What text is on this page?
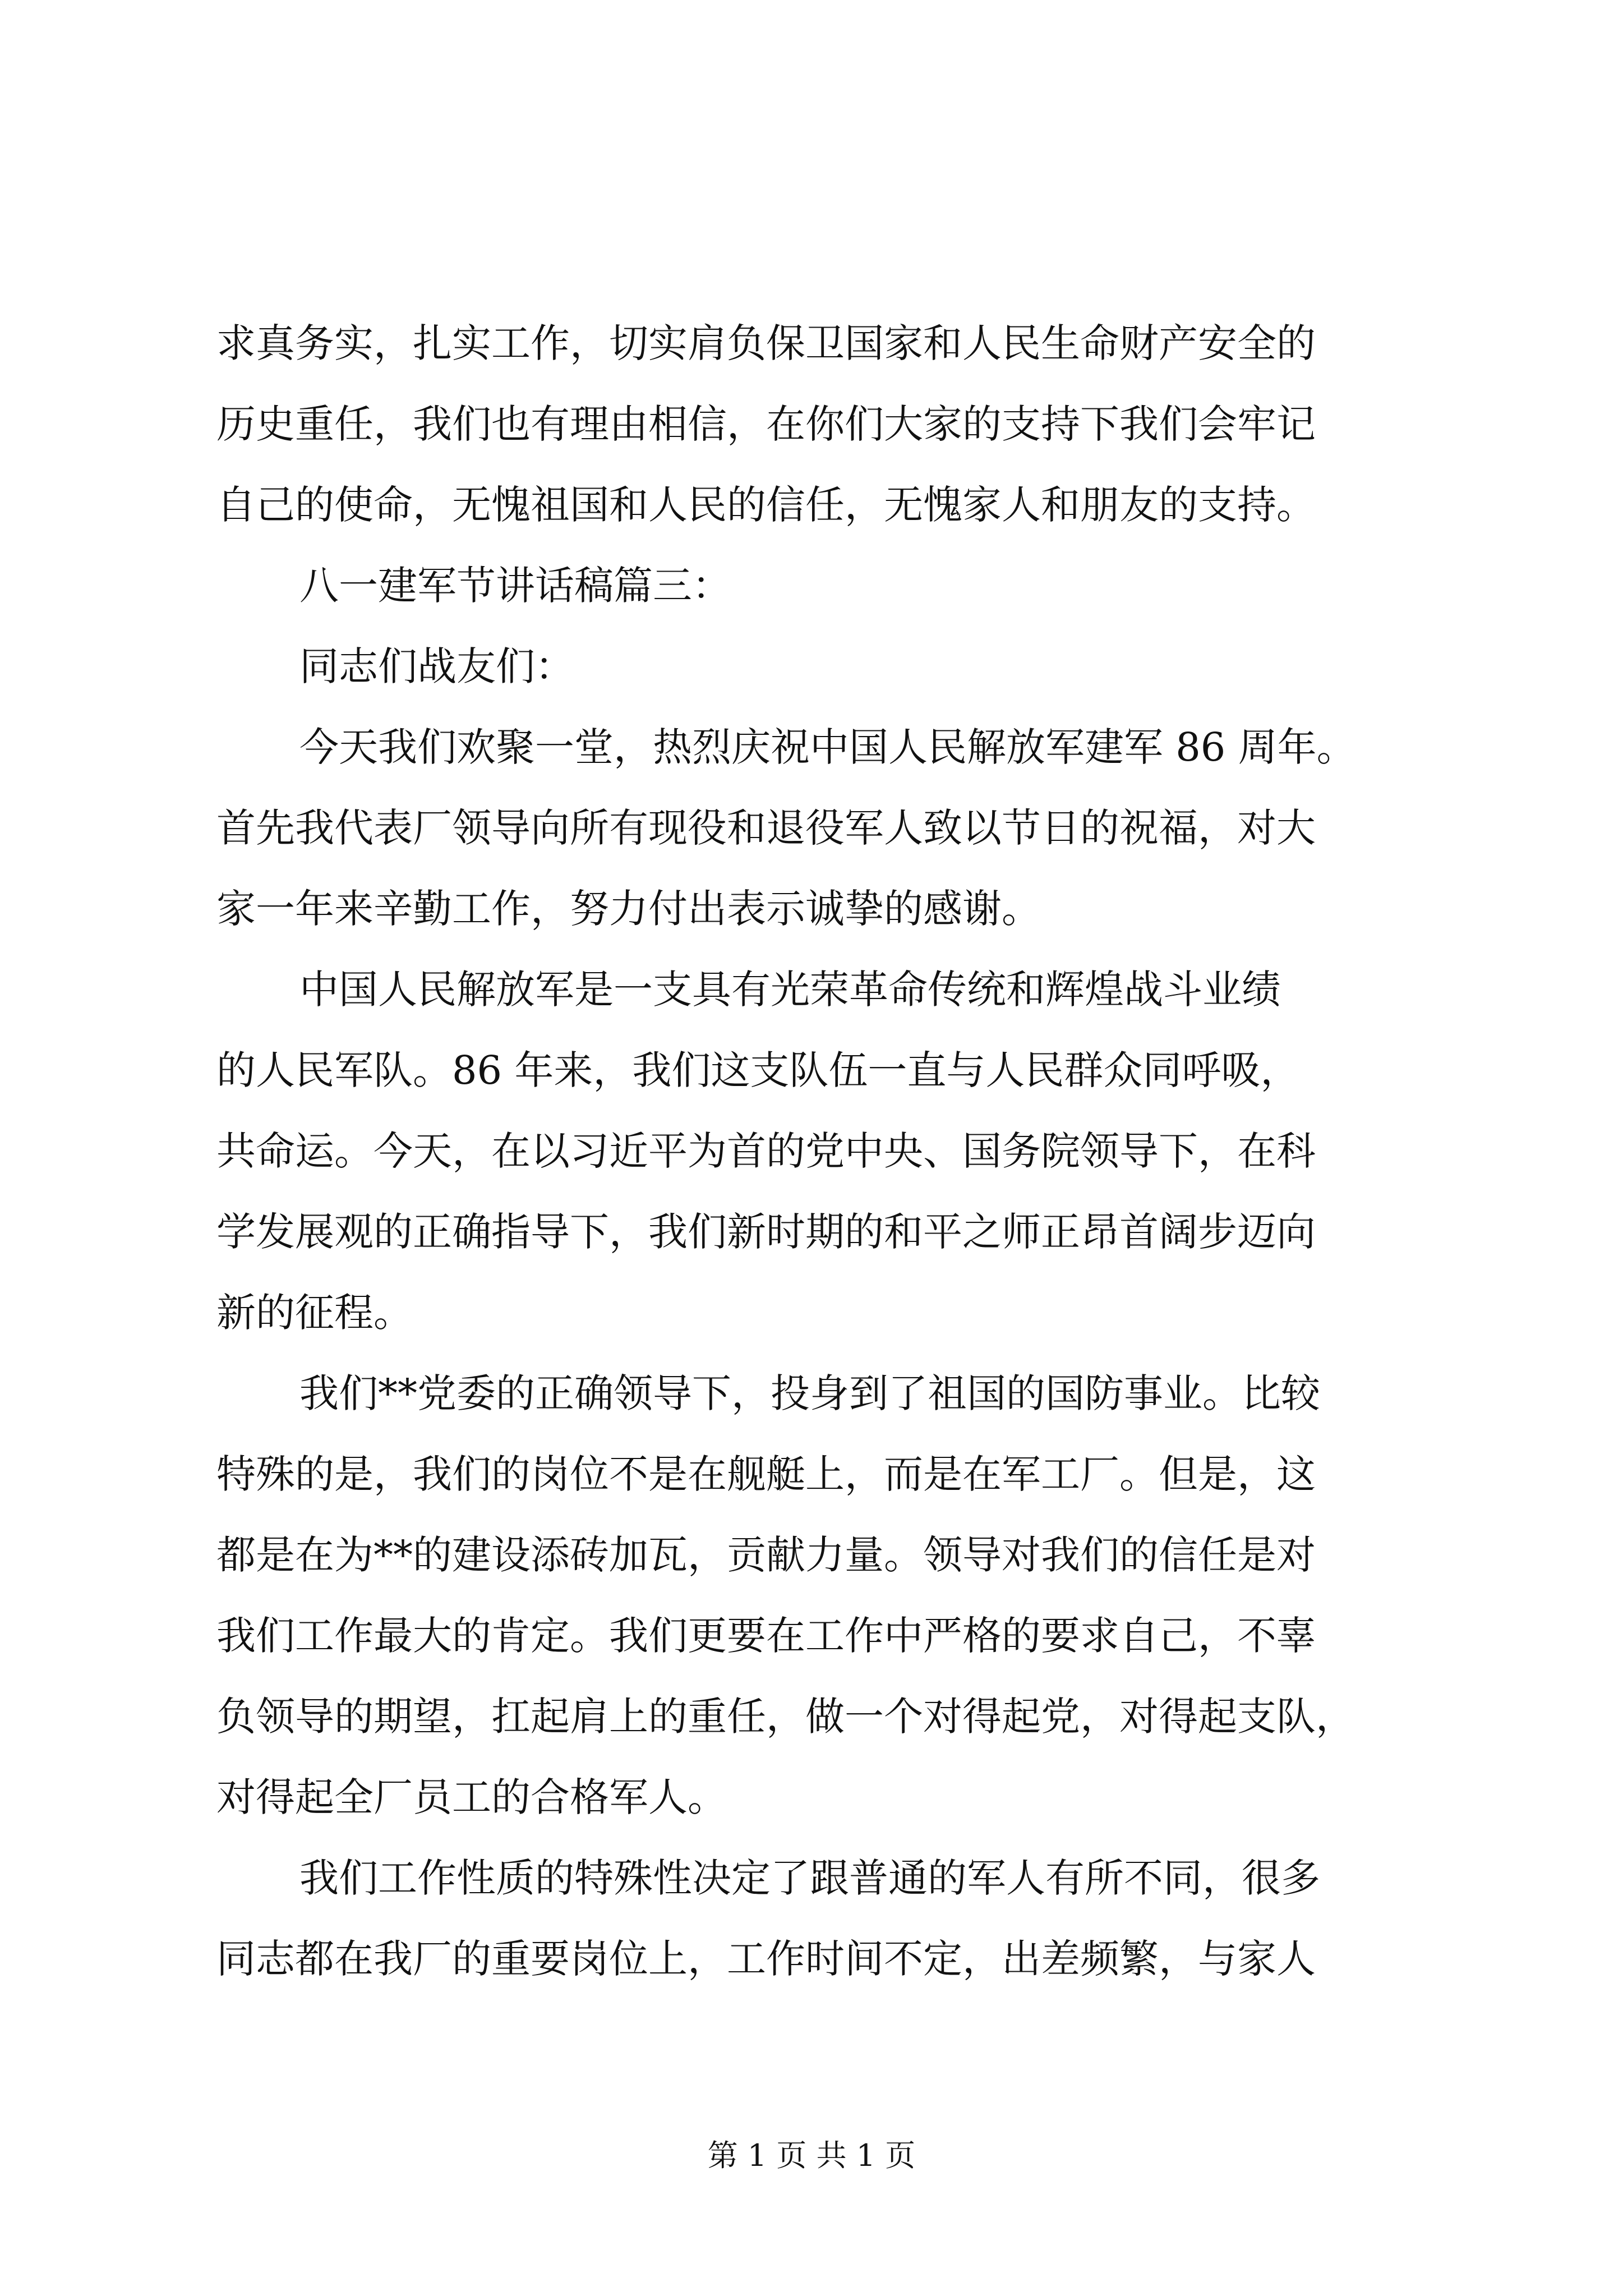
求真务实，扎实工作，切实肩负保卫国家和人民生命财产安全的
历史重任，我们也有理由相信，在你们大家的支持下我们会牢记
自己的使命，无愧祖国和人民的信任，无愧家人和朋友的支持。
八一建军节讲话稿篇三：
同志们战友们：
今天我们欢聚一堂，热烈庆祝中国人民解放军建军 86 周年。
首先我代表厂领导向所有现役和退役军人致以节日的祝福，对大
家一年来辛勤工作，努力付出表示诚挚的感谢。
中国人民解放军是一支具有光荣革命传统和辉煌战斗业绩
的人民军队。86 年来，我们这支队伍一直与人民群众同呼吸，
共命运。今天，在以习近平为首的党中央、国务院领导下，在科
学发展观的正确指导下，我们新时期的和平之师正昂首阔步迈向
新的征程。
我们**党委的正确领导下，投身到了祖国的国防事业。比较
特殊的是，我们的岗位不是在舰艇上，而是在军工厂。但是，这
都是在为**的建设添砖加瓦，贡献力量。领导对我们的信任是对
我们工作最大的肯定。我们更要在工作中严格的要求自己，不辜
负领导的期望，扛起肩上的重任，做一个对得起党，对得起支队，
对得起全厂员工的合格军人。
我们工作性质的特殊性决定了跟普通的军人有所不同，很多
同志都在我厂的重要岗位上，工作时间不定，出差频繁，与家人
第 1 页 共 1 页
